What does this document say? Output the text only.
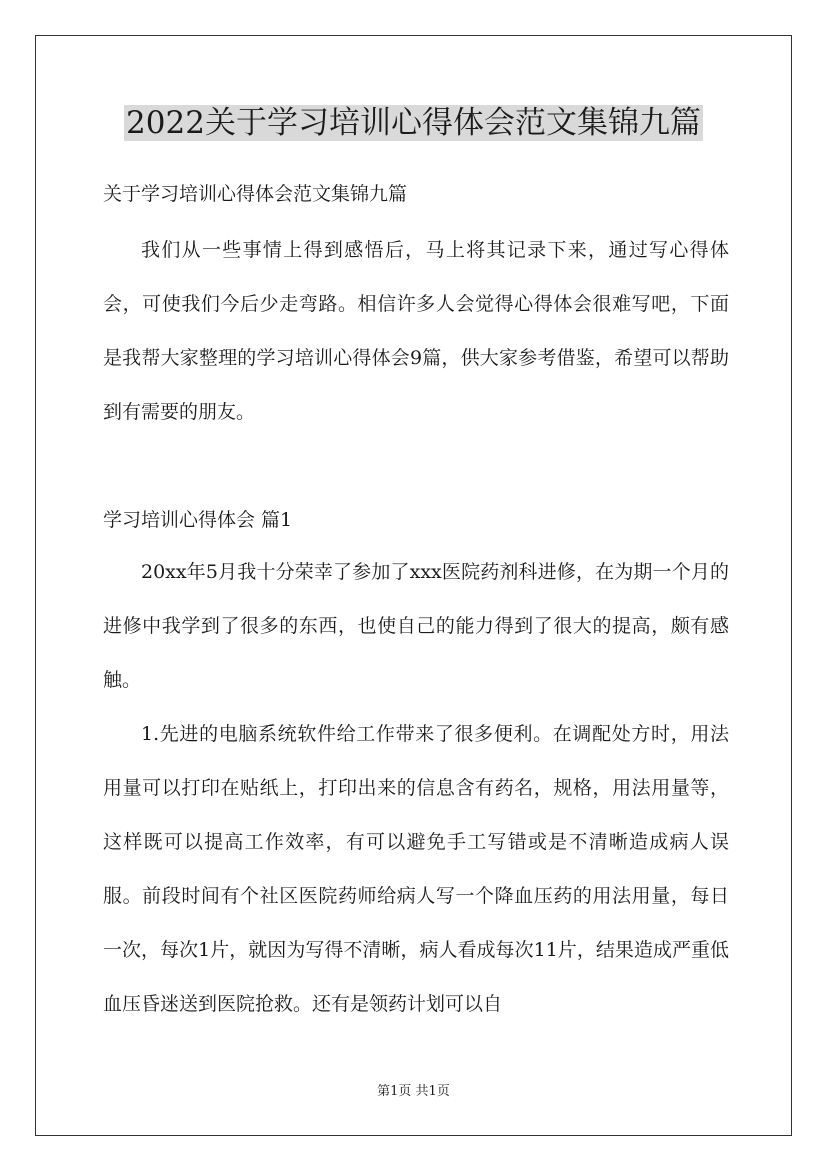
2022关于学习培训心得体会范文集锦九篇

关于学习培训心得体会范文集锦九篇

我们从一些事情上得到感悟后，马上将其记录下来，通过写心得体会，可使我们今后少走弯路。相信许多人会觉得心得体会很难写吧，下面是我帮大家整理的学习培训心得体会9篇，供大家参考借鉴，希望可以帮助到有需要的朋友。

学习培训心得体会 篇1

20xx年5月我十分荣幸了参加了xxx医院药剂科进修，在为期一个月的进修中我学到了很多的东西，也使自己的能力得到了很大的提高，颇有感触。

1.先进的电脑系统软件给工作带来了很多便利。在调配处方时，用法用量可以打印在贴纸上，打印出来的信息含有药名，规格，用法用量等，这样既可以提高工作效率，有可以避免手工写错或是不清晰造成病人误服。前段时间有个社区医院药师给病人写一个降血压药的用法用量，每日一次，每次1片，就因为写得不清晰，病人看成每次11片，结果造成严重低血压昏迷送到医院抢救。还有是领药计划可以自

第1页 共1页
